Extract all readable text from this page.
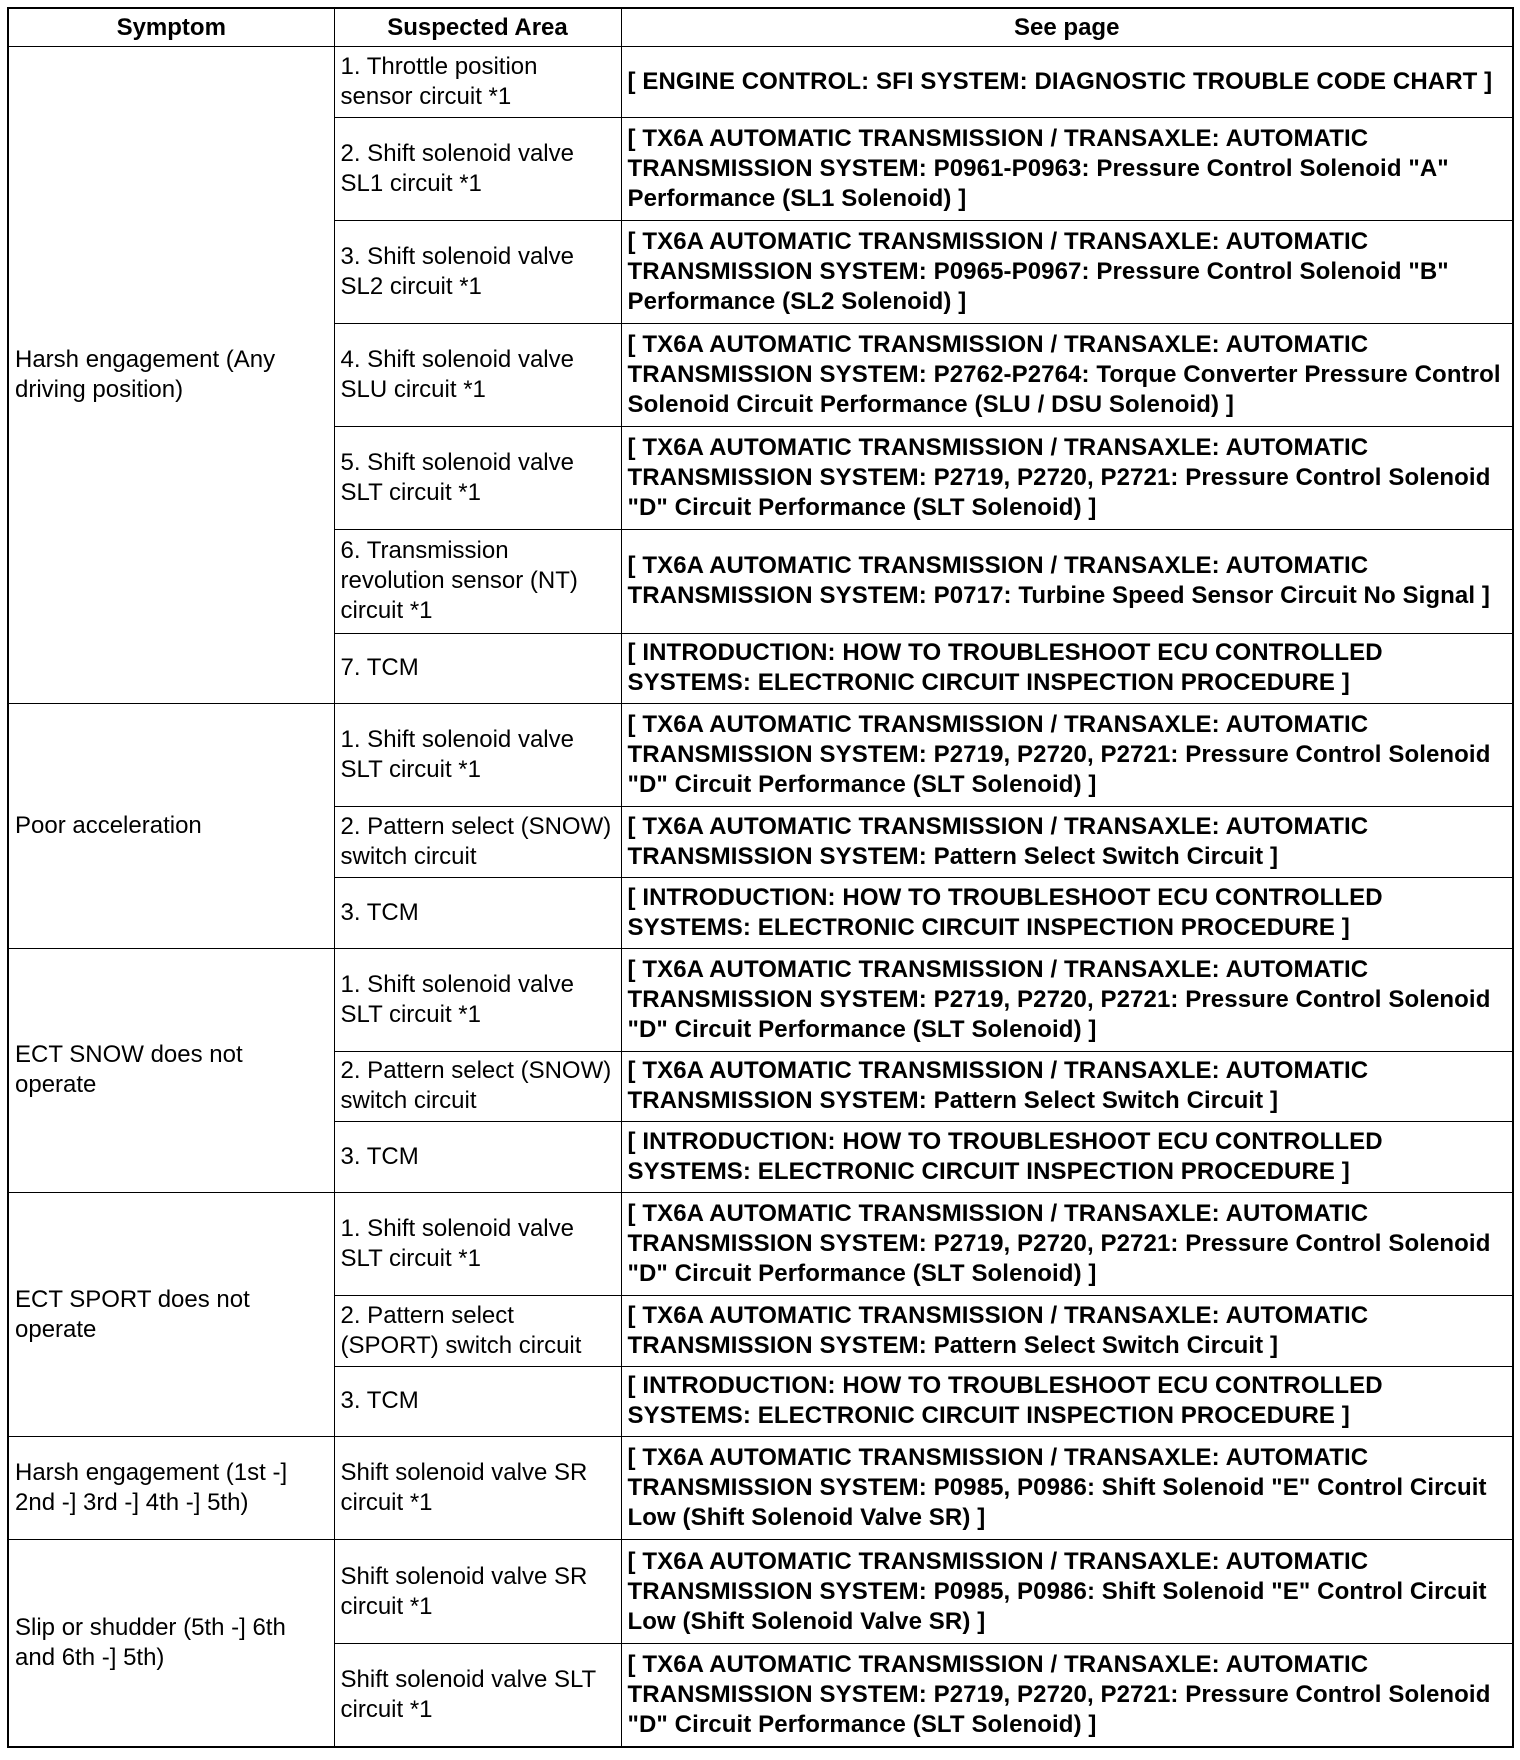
Symptom	Suspected Area	See page
Harsh engagement (Any driving position)	1. Throttle position sensor circuit *1	[ ENGINE CONTROL: SFI SYSTEM: DIAGNOSTIC TROUBLE CODE CHART ]
	2. Shift solenoid valve SL1 circuit *1	[ TX6A AUTOMATIC TRANSMISSION / TRANSAXLE: AUTOMATIC TRANSMISSION SYSTEM: P0961-P0963: Pressure Control Solenoid "A" Performance (SL1 Solenoid) ]
	3. Shift solenoid valve SL2 circuit *1	[ TX6A AUTOMATIC TRANSMISSION / TRANSAXLE: AUTOMATIC TRANSMISSION SYSTEM: P0965-P0967: Pressure Control Solenoid "B" Performance (SL2 Solenoid) ]
	4. Shift solenoid valve SLU circuit *1	[ TX6A AUTOMATIC TRANSMISSION / TRANSAXLE: AUTOMATIC TRANSMISSION SYSTEM: P2762-P2764: Torque Converter Pressure Control Solenoid Circuit Performance (SLU / DSU Solenoid) ]
	5. Shift solenoid valve SLT circuit *1	[ TX6A AUTOMATIC TRANSMISSION / TRANSAXLE: AUTOMATIC TRANSMISSION SYSTEM: P2719, P2720, P2721: Pressure Control Solenoid "D" Circuit Performance (SLT Solenoid) ]
	6. Transmission revolution sensor (NT) circuit *1	[ TX6A AUTOMATIC TRANSMISSION / TRANSAXLE: AUTOMATIC TRANSMISSION SYSTEM: P0717: Turbine Speed Sensor Circuit No Signal ]
	7. TCM	[ INTRODUCTION: HOW TO TROUBLESHOOT ECU CONTROLLED SYSTEMS: ELECTRONIC CIRCUIT INSPECTION PROCEDURE ]
Poor acceleration	1. Shift solenoid valve SLT circuit *1	[ TX6A AUTOMATIC TRANSMISSION / TRANSAXLE: AUTOMATIC TRANSMISSION SYSTEM: P2719, P2720, P2721: Pressure Control Solenoid "D" Circuit Performance (SLT Solenoid) ]
	2. Pattern select (SNOW) switch circuit	[ TX6A AUTOMATIC TRANSMISSION / TRANSAXLE: AUTOMATIC TRANSMISSION SYSTEM: Pattern Select Switch Circuit ]
	3. TCM	[ INTRODUCTION: HOW TO TROUBLESHOOT ECU CONTROLLED SYSTEMS: ELECTRONIC CIRCUIT INSPECTION PROCEDURE ]
ECT SNOW does not operate	1. Shift solenoid valve SLT circuit *1	[ TX6A AUTOMATIC TRANSMISSION / TRANSAXLE: AUTOMATIC TRANSMISSION SYSTEM: P2719, P2720, P2721: Pressure Control Solenoid "D" Circuit Performance (SLT Solenoid) ]
	2. Pattern select (SNOW) switch circuit	[ TX6A AUTOMATIC TRANSMISSION / TRANSAXLE: AUTOMATIC TRANSMISSION SYSTEM: Pattern Select Switch Circuit ]
	3. TCM	[ INTRODUCTION: HOW TO TROUBLESHOOT ECU CONTROLLED SYSTEMS: ELECTRONIC CIRCUIT INSPECTION PROCEDURE ]
ECT SPORT does not operate	1. Shift solenoid valve SLT circuit *1	[ TX6A AUTOMATIC TRANSMISSION / TRANSAXLE: AUTOMATIC TRANSMISSION SYSTEM: P2719, P2720, P2721: Pressure Control Solenoid "D" Circuit Performance (SLT Solenoid) ]
	2. Pattern select (SPORT) switch circuit	[ TX6A AUTOMATIC TRANSMISSION / TRANSAXLE: AUTOMATIC TRANSMISSION SYSTEM: Pattern Select Switch Circuit ]
	3. TCM	[ INTRODUCTION: HOW TO TROUBLESHOOT ECU CONTROLLED SYSTEMS: ELECTRONIC CIRCUIT INSPECTION PROCEDURE ]
Harsh engagement (1st -] 2nd -] 3rd -] 4th -] 5th)	Shift solenoid valve SR circuit *1	[ TX6A AUTOMATIC TRANSMISSION / TRANSAXLE: AUTOMATIC TRANSMISSION SYSTEM: P0985, P0986: Shift Solenoid "E" Control Circuit Low (Shift Solenoid Valve SR) ]
Slip or shudder (5th -] 6th and 6th -] 5th)	Shift solenoid valve SR circuit *1	[ TX6A AUTOMATIC TRANSMISSION / TRANSAXLE: AUTOMATIC TRANSMISSION SYSTEM: P0985, P0986: Shift Solenoid "E" Control Circuit Low (Shift Solenoid Valve SR) ]
	Shift solenoid valve SLT circuit *1	[ TX6A AUTOMATIC TRANSMISSION / TRANSAXLE: AUTOMATIC TRANSMISSION SYSTEM: P2719, P2720, P2721: Pressure Control Solenoid "D" Circuit Performance (SLT Solenoid) ]
